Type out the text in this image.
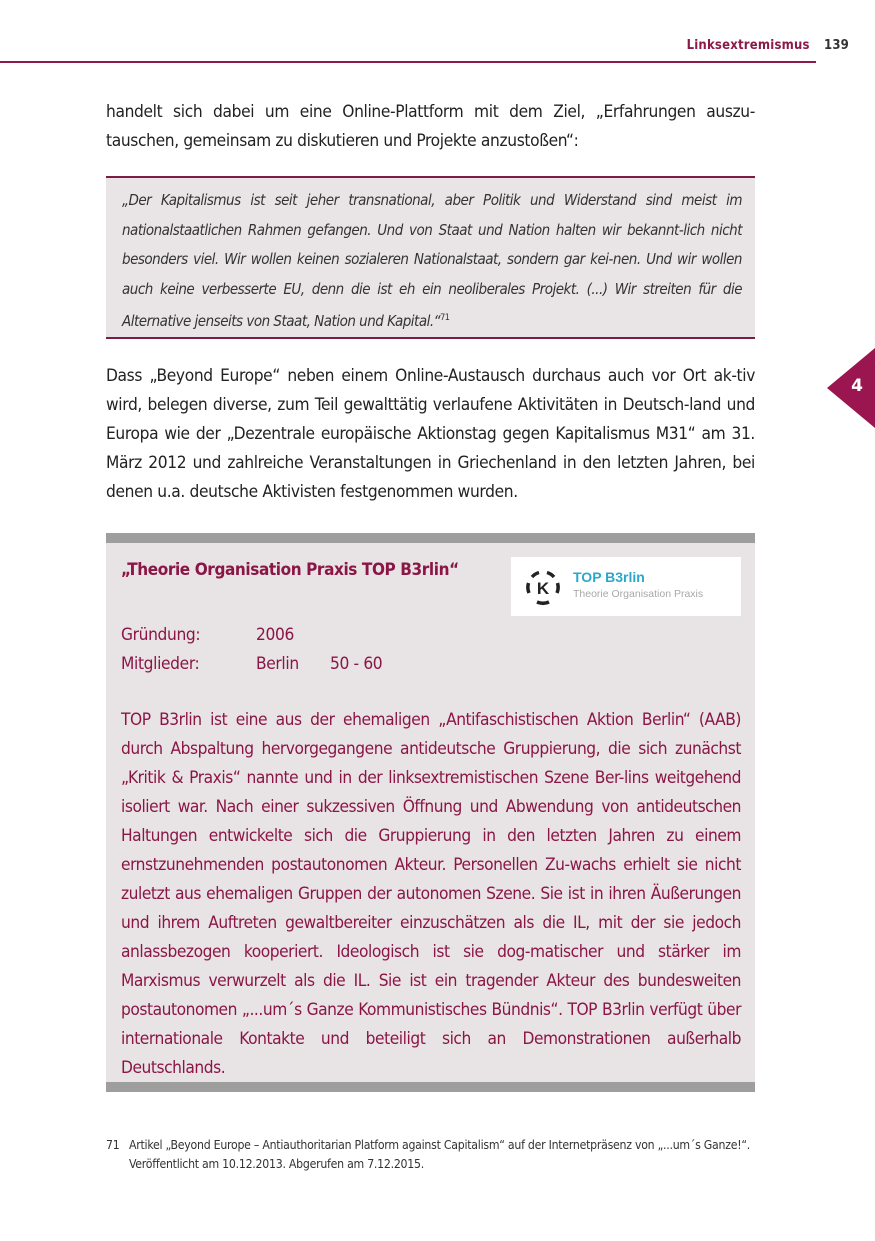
Linksextremismus 139

handelt sich dabei um eine Online-Plattform mit dem Ziel, „Erfahrungen auszu-tauschen, gemeinsam zu diskutieren und Projekte anzustoßen“:

„Der Kapitalismus ist seit jeher transnational, aber Politik und Widerstand sind meist im nationalstaatlichen Rahmen gefangen. Und von Staat und Nation halten wir bekannt-lich nicht besonders viel. Wir wollen keinen sozialeren Nationalstaat, sondern gar kei-nen. Und wir wollen auch keine verbesserte EU, denn die ist eh ein neoliberales Projekt. (...) Wir streiten für die Alternative jenseits von Staat, Nation und Kapital.“$^{71}$

4

Dass „Beyond Europe“ neben einem Online-Austausch durchaus auch vor Ort ak-tiv wird, belegen diverse, zum Teil gewalttätig verlaufene Aktivitäten in Deutsch-land und Europa wie der „Dezentrale europäische Aktionstag gegen Kapitalismus M31“ am 31. März 2012 und zahlreiche Veranstaltungen in Griechenland in den letzten Jahren, bei denen u.a. deutsche Aktivisten festgenommen wurden.

„Theorie Organisation Praxis TOP B3rlin“
K
TOP B3rlin
Theorie Organisation Praxis
Gründung:	2006
Mitglieder:	Berlin 50 - 60

TOP B3rlin ist eine aus der ehemaligen „Antifaschistischen Aktion Berlin“ (AAB) durch Abspaltung hervorgegangene antideutsche Gruppierung, die sich zunächst „Kritik & Praxis“ nannte und in der linksextremistischen Szene Ber-lins weitgehend isoliert war. Nach einer sukzessiven Öffnung und Abwendung von antideutschen Haltungen entwickelte sich die Gruppierung in den letzten Jahren zu einem ernstzunehmenden postautonomen Akteur. Personellen Zu-wachs erhielt sie nicht zuletzt aus ehemaligen Gruppen der autonomen Szene. Sie ist in ihren Äußerungen und ihrem Auftreten gewaltbereiter einzuschätzen als die IL, mit der sie jedoch anlassbezogen kooperiert. Ideologisch ist sie dog-matischer und stärker im Marxismus verwurzelt als die IL. Sie ist ein tragender Akteur des bundesweiten postautonomen „...um´s Ganze Kommunistisches Bündnis“. TOP B3rlin verfügt über internationale Kontakte und beteiligt sich an Demonstrationen außerhalb Deutschlands.

71 Artikel „Beyond Europe – Antiauthoritarian Platform against Capitalism“ auf der Internetpräsenz von „...um´s Ganze!“. Veröffentlicht am 10.12.2013. Abgerufen am 7.12.2015.
